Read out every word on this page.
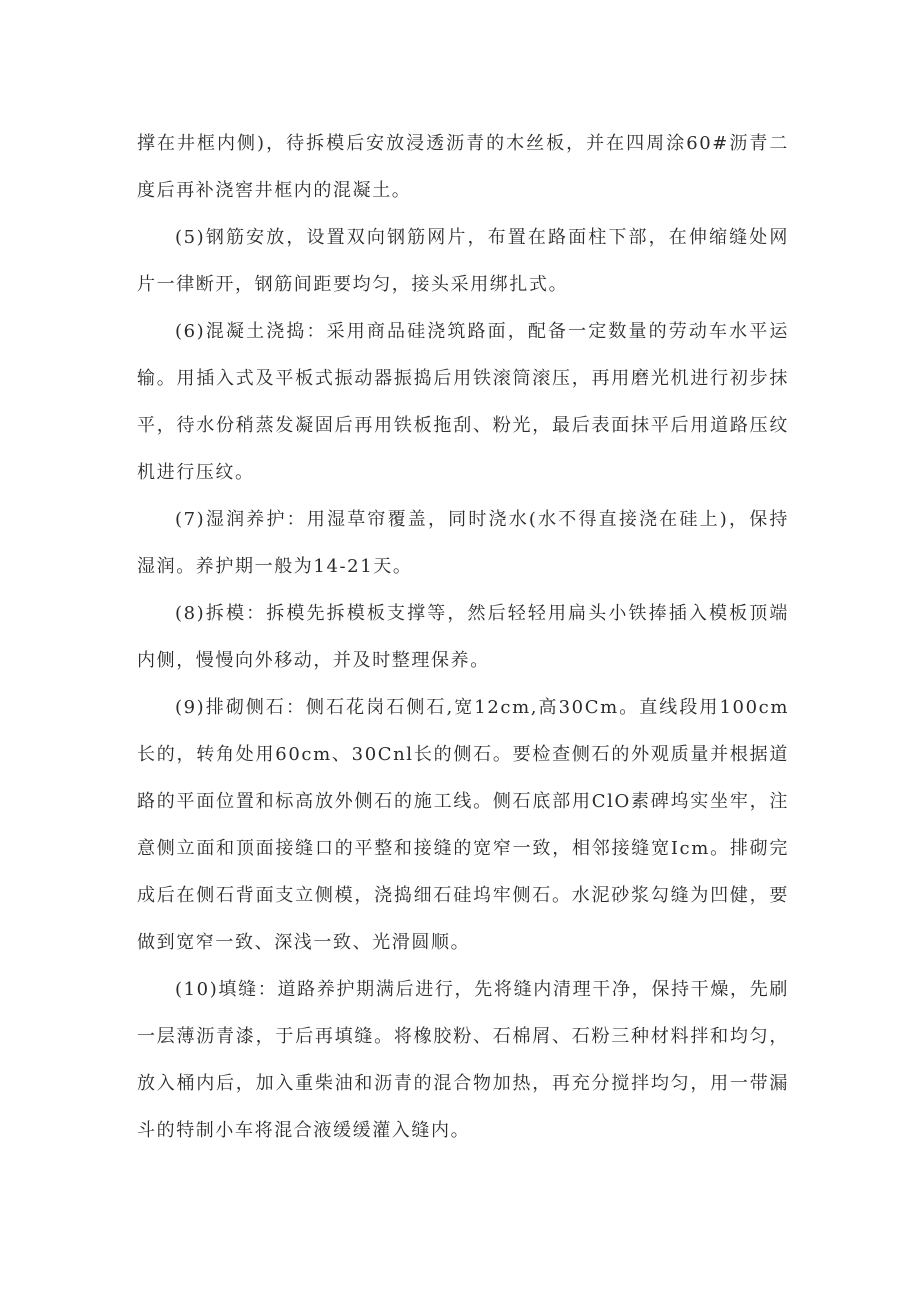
撑在井框内侧)，待拆模后安放浸透沥青的木丝板，并在四周涂60#沥青二度后再补浇窖井框内的混凝土。

(5)钢筋安放，设置双向钢筋网片，布置在路面柱下部，在伸缩缝处网片一律断开，钢筋间距要均匀，接头采用绑扎式。

(6)混凝土浇捣：采用商品硅浇筑路面，配备一定数量的劳动车水平运输。用插入式及平板式振动器振捣后用铁滚筒滚压，再用磨光机进行初步抹平，待水份稍蒸发凝固后再用铁板拖刮、粉光，最后表面抹平后用道路压纹机进行压纹。

(7)湿润养护：用湿草帘覆盖，同时浇水(水不得直接浇在硅上)，保持湿润。养护期一般为14-21天。

(8)拆模：拆模先拆模板支撑等，然后轻轻用扁头小铁捧插入模板顶端内侧，慢慢向外移动，并及时整理保养。

(9)排砌侧石：侧石花岗石侧石,宽12cm,高30Cm。直线段用100cm长的，转角处用60cm、30Cnl长的侧石。要检查侧石的外观质量并根据道路的平面位置和标高放外侧石的施工线。侧石底部用ClO素碑坞实坐牢，注意侧立面和顶面接缝口的平整和接缝的宽窄一致，相邻接缝宽Icm。排砌完成后在侧石背面支立侧模，浇捣细石硅坞牢侧石。水泥砂浆勾缝为凹健，要做到宽窄一致、深浅一致、光滑圆顺。

(10)填缝：道路养护期满后进行，先将缝内清理干净，保持干燥，先刷一层薄沥青漆，于后再填缝。将橡胶粉、石棉屑、石粉三种材料拌和均匀，放入桶内后，加入重柴油和沥青的混合物加热，再充分搅拌均匀，用一带漏斗的特制小车将混合液缓缓灌入缝内。
